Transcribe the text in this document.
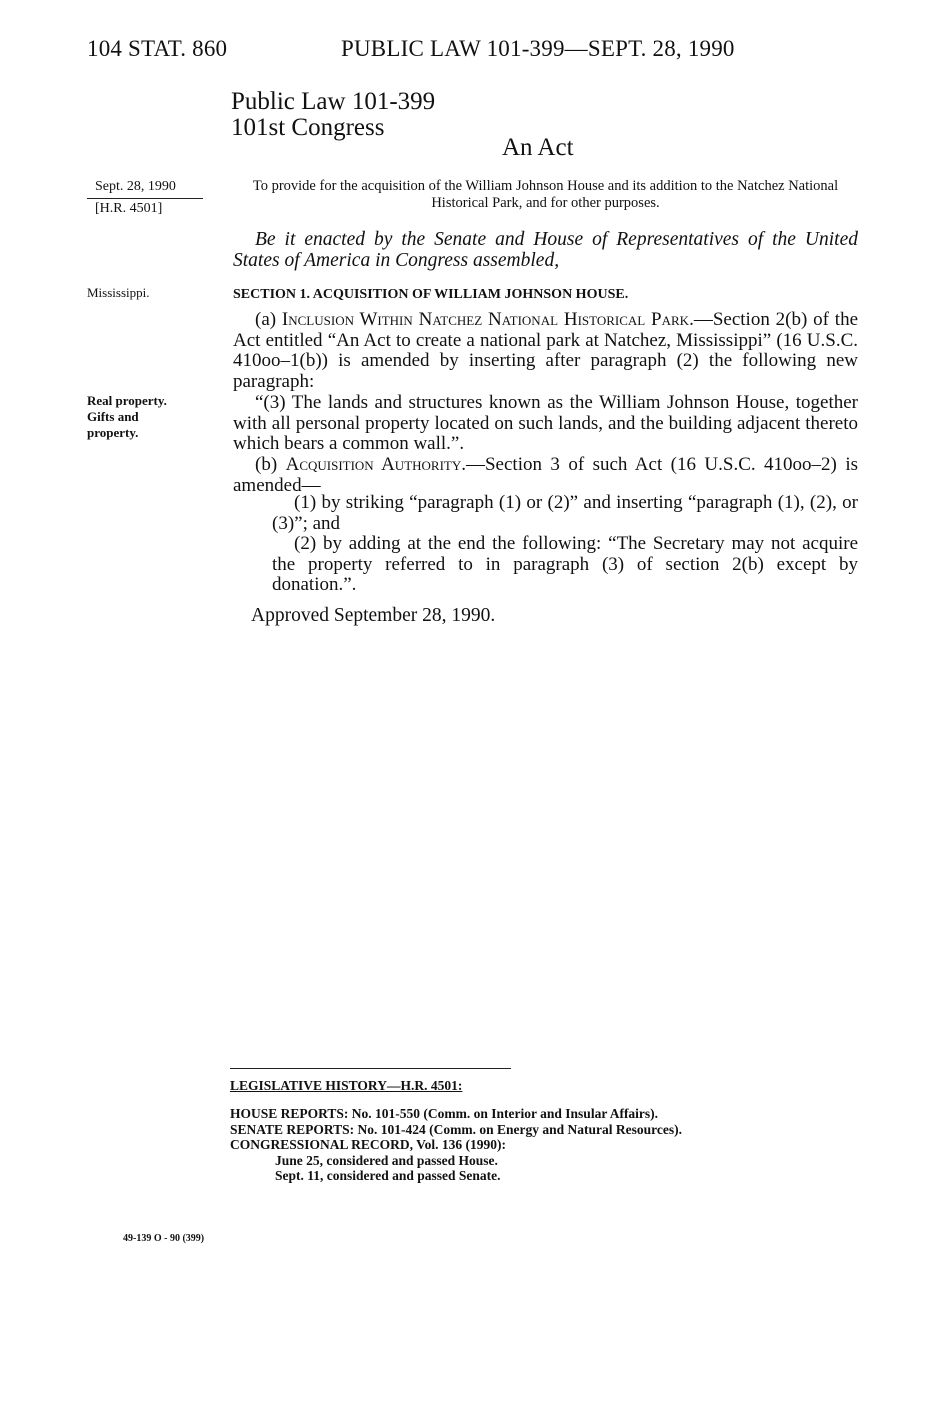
104 STAT. 860	PUBLIC LAW 101-399—SEPT. 28, 1990
Public Law 101-399
101st Congress
An Act
Sept. 28, 1990
[H.R. 4501]
Mississippi.
Real property.
Gifts and
property.
To provide for the acquisition of the William Johnson House and its addition to the Natchez National Historical Park, and for other purposes.
Be it enacted by the Senate and House of Representatives of the United States of America in Congress assembled,
SECTION 1. ACQUISITION OF WILLIAM JOHNSON HOUSE.
(a) Inclusion Within Natchez National Historical Park.—Section 2(b) of the Act entitled “An Act to create a national park at Natchez, Mississippi” (16 U.S.C. 410oo–1(b)) is amended by inserting after paragraph (2) the following new paragraph:
“(3) The lands and structures known as the William Johnson House, together with all personal property located on such lands, and the building adjacent thereto which bears a common wall.”.
(b) Acquisition Authority.—Section 3 of such Act (16 U.S.C. 410oo–2) is amended—
(1) by striking “paragraph (1) or (2)” and inserting “paragraph (1), (2), or (3)”; and
(2) by adding at the end the following: “The Secretary may not acquire the property referred to in paragraph (3) of section 2(b) except by donation.”.
Approved September 28, 1990.
LEGISLATIVE HISTORY—H.R. 4501:
HOUSE REPORTS: No. 101-550 (Comm. on Interior and Insular Affairs).
SENATE REPORTS: No. 101-424 (Comm. on Energy and Natural Resources).
CONGRESSIONAL RECORD, Vol. 136 (1990):
June 25, considered and passed House.
Sept. 11, considered and passed Senate.
49-139 O - 90 (399)
